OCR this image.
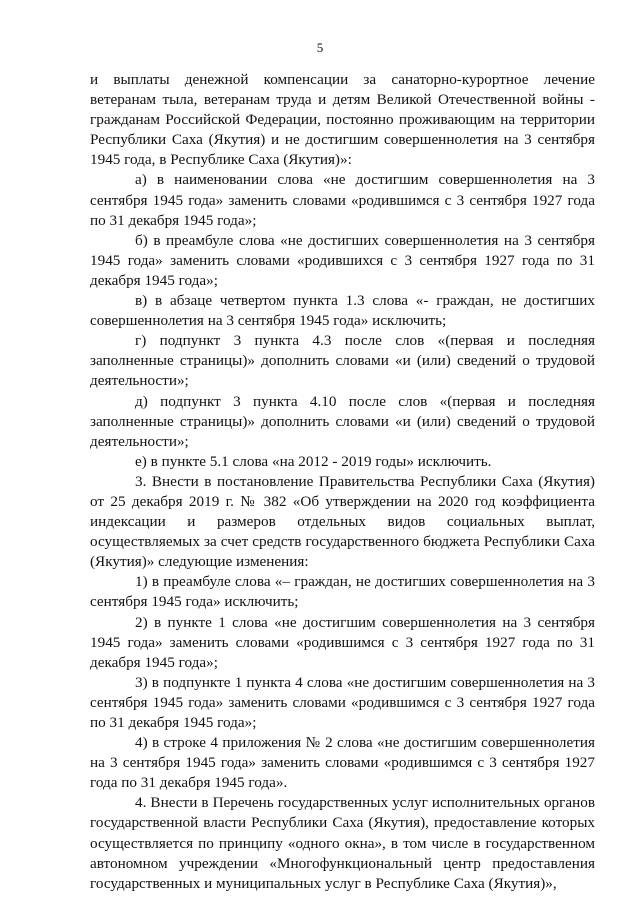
5

и выплаты денежной компенсации за санаторно-курортное лечение ветеранам тыла, ветеранам труда и детям Великой Отечественной войны - гражданам Российской Федерации, постоянно проживающим на территории Республики Саха (Якутия) и не достигшим совершеннолетия на 3 сентября 1945 года, в Республике Саха (Якутия)»:

а) в наименовании слова «не достигшим совершеннолетия на 3 сентября 1945 года» заменить словами «родившимся с 3 сентября 1927 года по 31 декабря 1945 года»;

б) в преамбуле слова «не достигших совершеннолетия на 3 сентября 1945 года» заменить словами «родившихся с 3 сентября 1927 года по 31 декабря 1945 года»;

в) в абзаце четвертом пункта 1.3 слова «- граждан, не достигших совершеннолетия на 3 сентября 1945 года» исключить;

г) подпункт 3 пункта 4.3 после слов «(первая и последняя заполненные страницы)» дополнить словами «и (или) сведений о трудовой деятельности»;

д) подпункт 3 пункта 4.10 после слов «(первая и последняя заполненные страницы)» дополнить словами «и (или) сведений о трудовой деятельности»;

е) в пункте 5.1 слова «на 2012 - 2019 годы» исключить.

3. Внести в постановление Правительства Республики Саха (Якутия) от 25 декабря 2019 г. № 382 «Об утверждении на 2020 год коэффициента индексации и размеров отдельных видов социальных выплат, осуществляемых за счет средств государственного бюджета Республики Саха (Якутия)» следующие изменения:

1) в преамбуле слова «– граждан, не достигших совершеннолетия на 3 сентября 1945 года» исключить;

2) в пункте 1 слова «не достигшим совершеннолетия на 3 сентября 1945 года» заменить словами «родившимся с 3 сентября 1927 года по 31 декабря 1945 года»;

3) в подпункте 1 пункта 4 слова «не достигшим совершеннолетия на 3 сентября 1945 года» заменить словами «родившимся с 3 сентября 1927 года по 31 декабря 1945 года»;

4) в строке 4 приложения № 2 слова «не достигшим совершеннолетия на 3 сентября 1945 года» заменить словами «родившимся с 3 сентября 1927 года по 31 декабря 1945 года».

4. Внести в Перечень государственных услуг исполнительных органов государственной власти Республики Саха (Якутия), предоставление которых осуществляется по принципу «одного окна», в том числе в государственном автономном учреждении «Многофункциональный центр предоставления государственных и муниципальных услуг в Республике Саха (Якутия)»,
